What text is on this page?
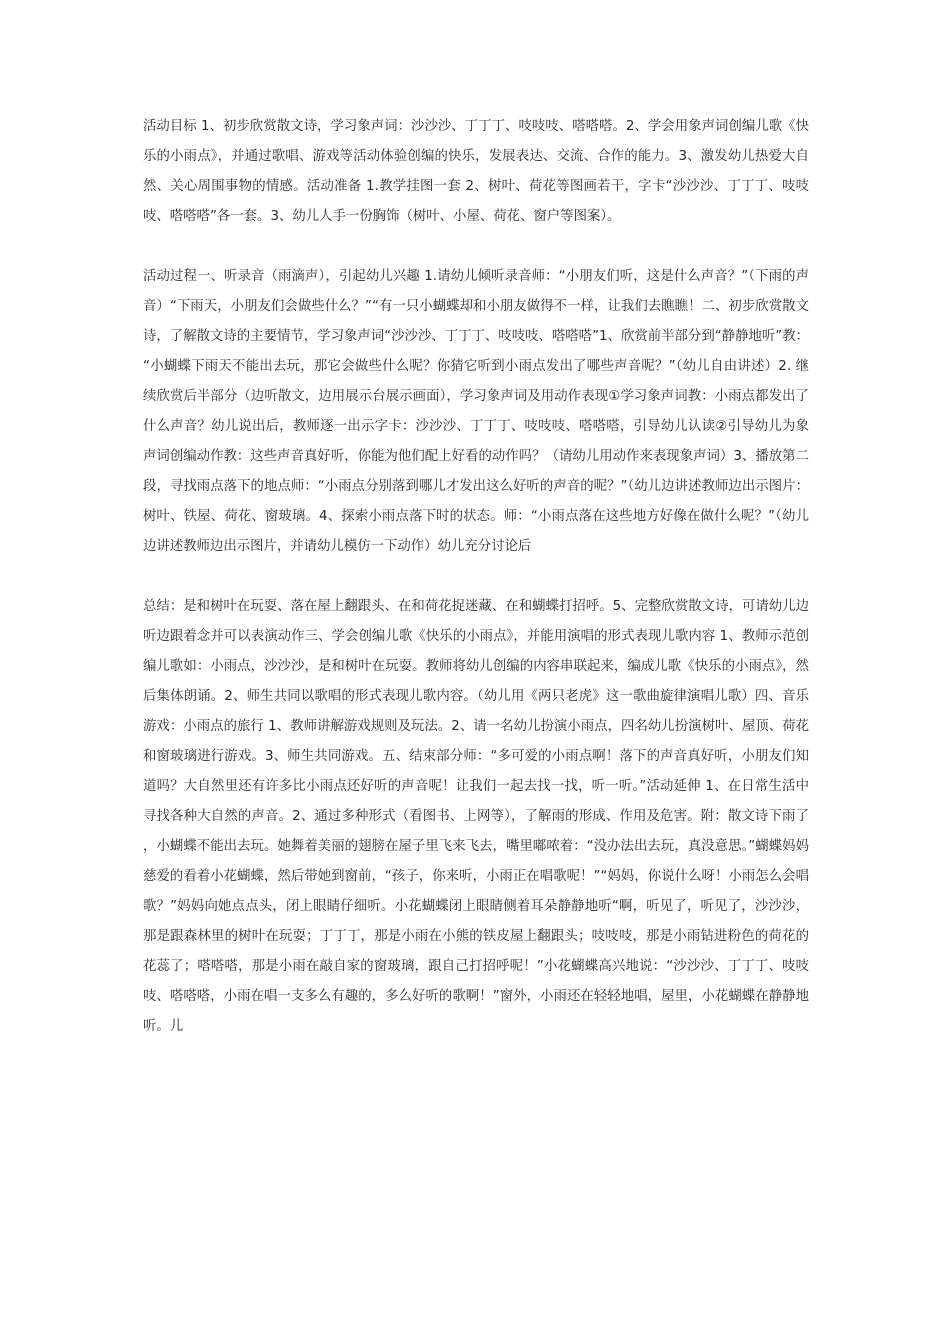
活动目标 1、初步欣赏散文诗，学习象声词：沙沙沙、丁丁丁、吱吱吱、嗒嗒嗒。2、学会用象声词创编儿歌《快乐的小雨点》，并通过歌唱、游戏等活动体验创编的快乐，发展表达、交流、合作的能力。3、激发幼儿热爱大自然、关心周围事物的情感。活动准备 1.教学挂图一套 2、树叶、荷花等图画若干，字卡“沙沙沙、丁丁丁、吱吱吱、嗒嗒嗒”各一套。3、幼儿人手一份胸饰（树叶、小屋、荷花、窗户等图案）。

活动过程一、听录音（雨滴声），引起幼儿兴趣 1.请幼儿倾听录音师：“小朋友们听，这是什么声音？”（下雨的声音）“下雨天，小朋友们会做些什么？”“有一只小蝴蝶却和小朋友做得不一样，让我们去瞧瞧！二、初步欣赏散文诗，了解散文诗的主要情节，学习象声词“沙沙沙、丁丁丁、吱吱吱、嗒嗒嗒”1、欣赏前半部分到“静静地听”教：“小蝴蝶下雨天不能出去玩，那它会做些什么呢？你猜它听到小雨点发出了哪些声音呢？”（幼儿自由讲述）2. 继续欣赏后半部分（边听散文，边用展示台展示画面），学习象声词及用动作表现①学习象声词教：小雨点都发出了什么声音？幼儿说出后，教师逐一出示字卡：沙沙沙、丁丁丁、吱吱吱、嗒嗒嗒，引导幼儿认读②引导幼儿为象声词创编动作教：这些声音真好听，你能为他们配上好看的动作吗？（请幼儿用动作来表现象声词）3、播放第二段，寻找雨点落下的地点师：“小雨点分别落到哪儿才发出这么好听的声音的呢？”（幼儿边讲述教师边出示图片：树叶、铁屋、荷花、窗玻璃。4、探索小雨点落下时的状态。师：“小雨点落在这些地方好像在做什么呢？”（幼儿边讲述教师边出示图片，并请幼儿模仿一下动作）幼儿充分讨论后

总结：是和树叶在玩耍、落在屋上翻跟头、在和荷花捉迷藏、在和蝴蝶打招呼。5、完整欣赏散文诗，可请幼儿边听边跟着念并可以表演动作三、学会创编儿歌《快乐的小雨点》，并能用演唱的形式表现儿歌内容 1、教师示范创编儿歌如：小雨点，沙沙沙，是和树叶在玩耍。教师将幼儿创编的内容串联起来，编成儿歌《快乐的小雨点》，然后集体朗诵。2、师生共同以歌唱的形式表现儿歌内容。（幼儿用《两只老虎》这一歌曲旋律演唱儿歌）四、音乐游戏：小雨点的旅行 1、教师讲解游戏规则及玩法。2、请一名幼儿扮演小雨点，四名幼儿扮演树叶、屋顶、荷花和窗玻璃进行游戏。3、师生共同游戏。五、结束部分师：“多可爱的小雨点啊！落下的声音真好听，小朋友们知道吗？大自然里还有许多比小雨点还好听的声音呢！让我们一起去找一找，听一听。”活动延伸 1、在日常生活中寻找各种大自然的声音。2、通过多种形式（看图书、上网等），了解雨的形成、作用及危害。附：散文诗下雨了，小蝴蝶不能出去玩。她舞着美丽的翅膀在屋子里飞来飞去，嘴里嘟哝着：“没办法出去玩，真没意思。”蝴蝶妈妈慈爱的看着小花蝴蝶，然后带她到窗前，“孩子，你来听，小雨正在唱歌呢！”“妈妈，你说什么呀！小雨怎么会唱歌？”妈妈向她点点头，闭上眼睛仔细听。小花蝴蝶闭上眼睛侧着耳朵静静地听“啊，听见了，听见了，沙沙沙，那是跟森林里的树叶在玩耍；丁丁丁，那是小雨在小熊的铁皮屋上翻跟头；吱吱吱，那是小雨钻进粉色的荷花的花蕊了；嗒嗒嗒，那是小雨在敲自家的窗玻璃，跟自己打招呼呢！”小花蝴蝶高兴地说：“沙沙沙、丁丁丁、吱吱吱、嗒嗒嗒，小雨在唱一支多么有趣的，多么好听的歌啊！”窗外，小雨还在轻轻地唱，屋里，小花蝴蝶在静静地听。儿
